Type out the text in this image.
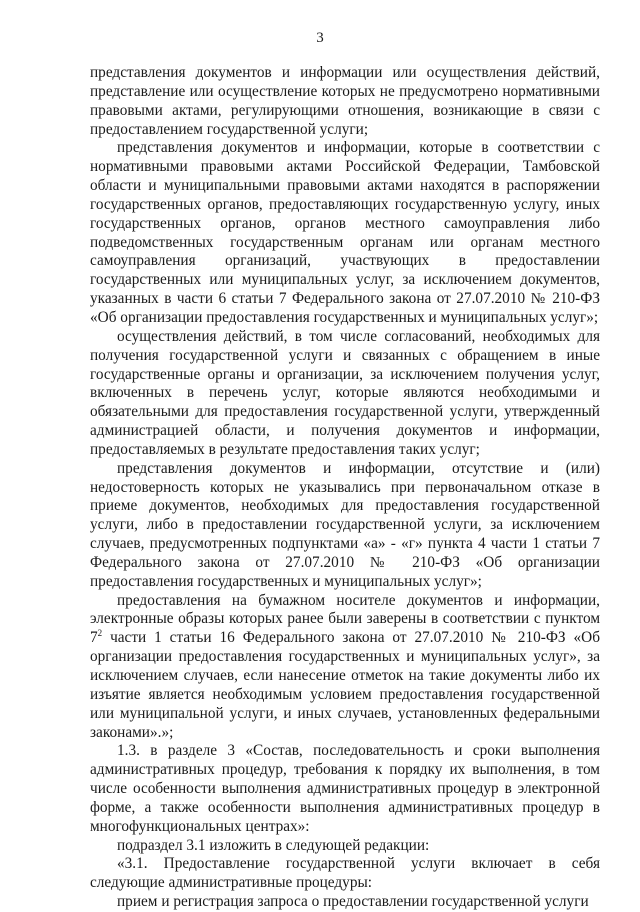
3

представления документов и информации или осуществления действий, представление или осуществление которых не предусмотрено нормативными правовыми актами, регулирующими отношения, возникающие в связи с предоставлением государственной услуги;

представления документов и информации, которые в соответствии с нормативными правовыми актами Российской Федерации, Тамбовской области и муниципальными правовыми актами находятся в распоряжении государственных органов, предоставляющих государственную услугу, иных государственных органов, органов местного самоуправления либо подведомственных государственным органам или органам местного самоуправления организаций, участвующих в предоставлении государственных или муниципальных услуг, за исключением документов, указанных в части 6 статьи 7 Федерального закона от 27.07.2010 № 210-ФЗ «Об организации предоставления государственных и муниципальных услуг»;

осуществления действий, в том числе согласований, необходимых для получения государственной услуги и связанных с обращением в иные государственные органы и организации, за исключением получения услуг, включенных в перечень услуг, которые являются необходимыми и обязательными для предоставления государственной услуги, утвержденный администрацией области, и получения документов и информации, предоставляемых в результате предоставления таких услуг;

представления документов и информации, отсутствие и (или) недостоверность которых не указывались при первоначальном отказе в приеме документов, необходимых для предоставления государственной услуги, либо в предоставлении государственной услуги, за исключением случаев, предусмотренных подпунктами «а» - «г» пункта 4 части 1 статьи 7 Федерального закона от 27.07.2010 № 210-ФЗ «Об организации предоставления государственных и муниципальных услуг»;

предоставления на бумажном носителе документов и информации, электронные образы которых ранее были заверены в соответствии с пунктом $7^2$ части 1 статьи 16 Федерального закона от 27.07.2010 № 210-ФЗ «Об организации предоставления государственных и муниципальных услуг», за исключением случаев, если нанесение отметок на такие документы либо их изъятие является необходимым условием предоставления государственной или муниципальной услуги, и иных случаев, установленных федеральными законами».»;

1.3. в разделе 3 «Состав, последовательность и сроки выполнения административных процедур, требования к порядку их выполнения, в том числе особенности выполнения административных процедур в электронной форме, а также особенности выполнения административных процедур в многофункциональных центрах»:

подраздел 3.1 изложить в следующей редакции:

«3.1. Предоставление государственной услуги включает в себя следующие административные процедуры:

прием и регистрация запроса о предоставлении государственной услуги
